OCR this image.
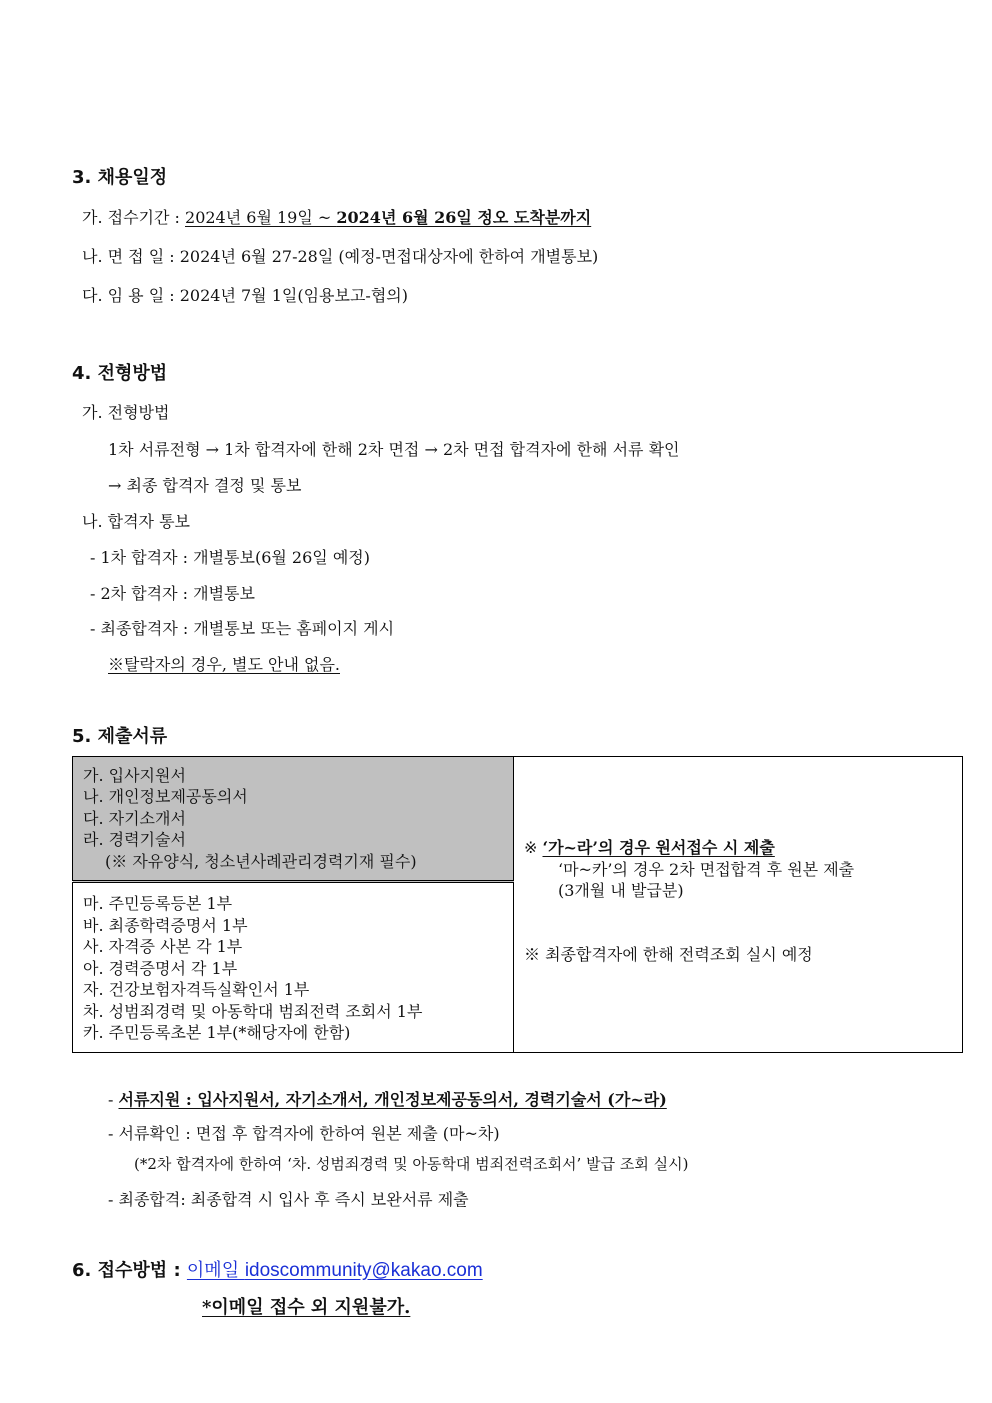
3. 채용일정
가. 접수기간 : 2024년 6월 19일 ~ 2024년 6월 26일 정오 도착분까지
나. 면 접 일 : 2024년 6월 27-28일 (예정-면접대상자에 한하여 개별통보)
다. 임 용 일 : 2024년 7월 1일(임용보고-협의)
4. 전형방법
가. 전형방법
1차 서류전형 → 1차 합격자에 한해 2차 면접 → 2차 면접 합격자에 한해 서류 확인
→ 최종 합격자 결정 및 통보
나. 합격자 통보
- 1차 합격자 : 개별통보(6월 26일 예정)
- 2차 합격자 : 개별통보
- 최종합격자 : 개별통보 또는 홈페이지 게시
※탈락자의 경우, 별도 안내 없음.
5. 제출서류
가. 입사지원서
나. 개인정보제공동의서
다. 자기소개서
라. 경력기술서
(※ 자유양식, 청소년사례관리경력기재 필수)

※ ‘가~라’의 경우 원서접수 시 제출
‘마~카’의 경우 2차 면접합격 후 원본 제출
(3개월 내 발급분)
※ 최종합격자에 한해 전력조회 실시 예정

마. 주민등록등본 1부
바. 최종학력증명서 1부
사. 자격증 사본 각 1부
아. 경력증명서 각 1부
자. 건강보험자격득실확인서 1부
차. 성범죄경력 및 아동학대 범죄전력 조회서 1부
카. 주민등록초본 1부(*해당자에 한함)
- 서류지원 : 입사지원서, 자기소개서, 개인정보제공동의서, 경력기술서 (가~라)
- 서류확인 : 면접 후 합격자에 한하여 원본 제출 (마~차)
(*2차 합격자에 한하여 ‘차. 성범죄경력 및 아동학대 범죄전력조회서’ 발급 조회 실시)
- 최종합격: 최종합격 시 입사 후 즉시 보완서류 제출
6. 접수방법 : 이메일 idoscommunity@kakao.com
*이메일 접수 외 지원불가.
